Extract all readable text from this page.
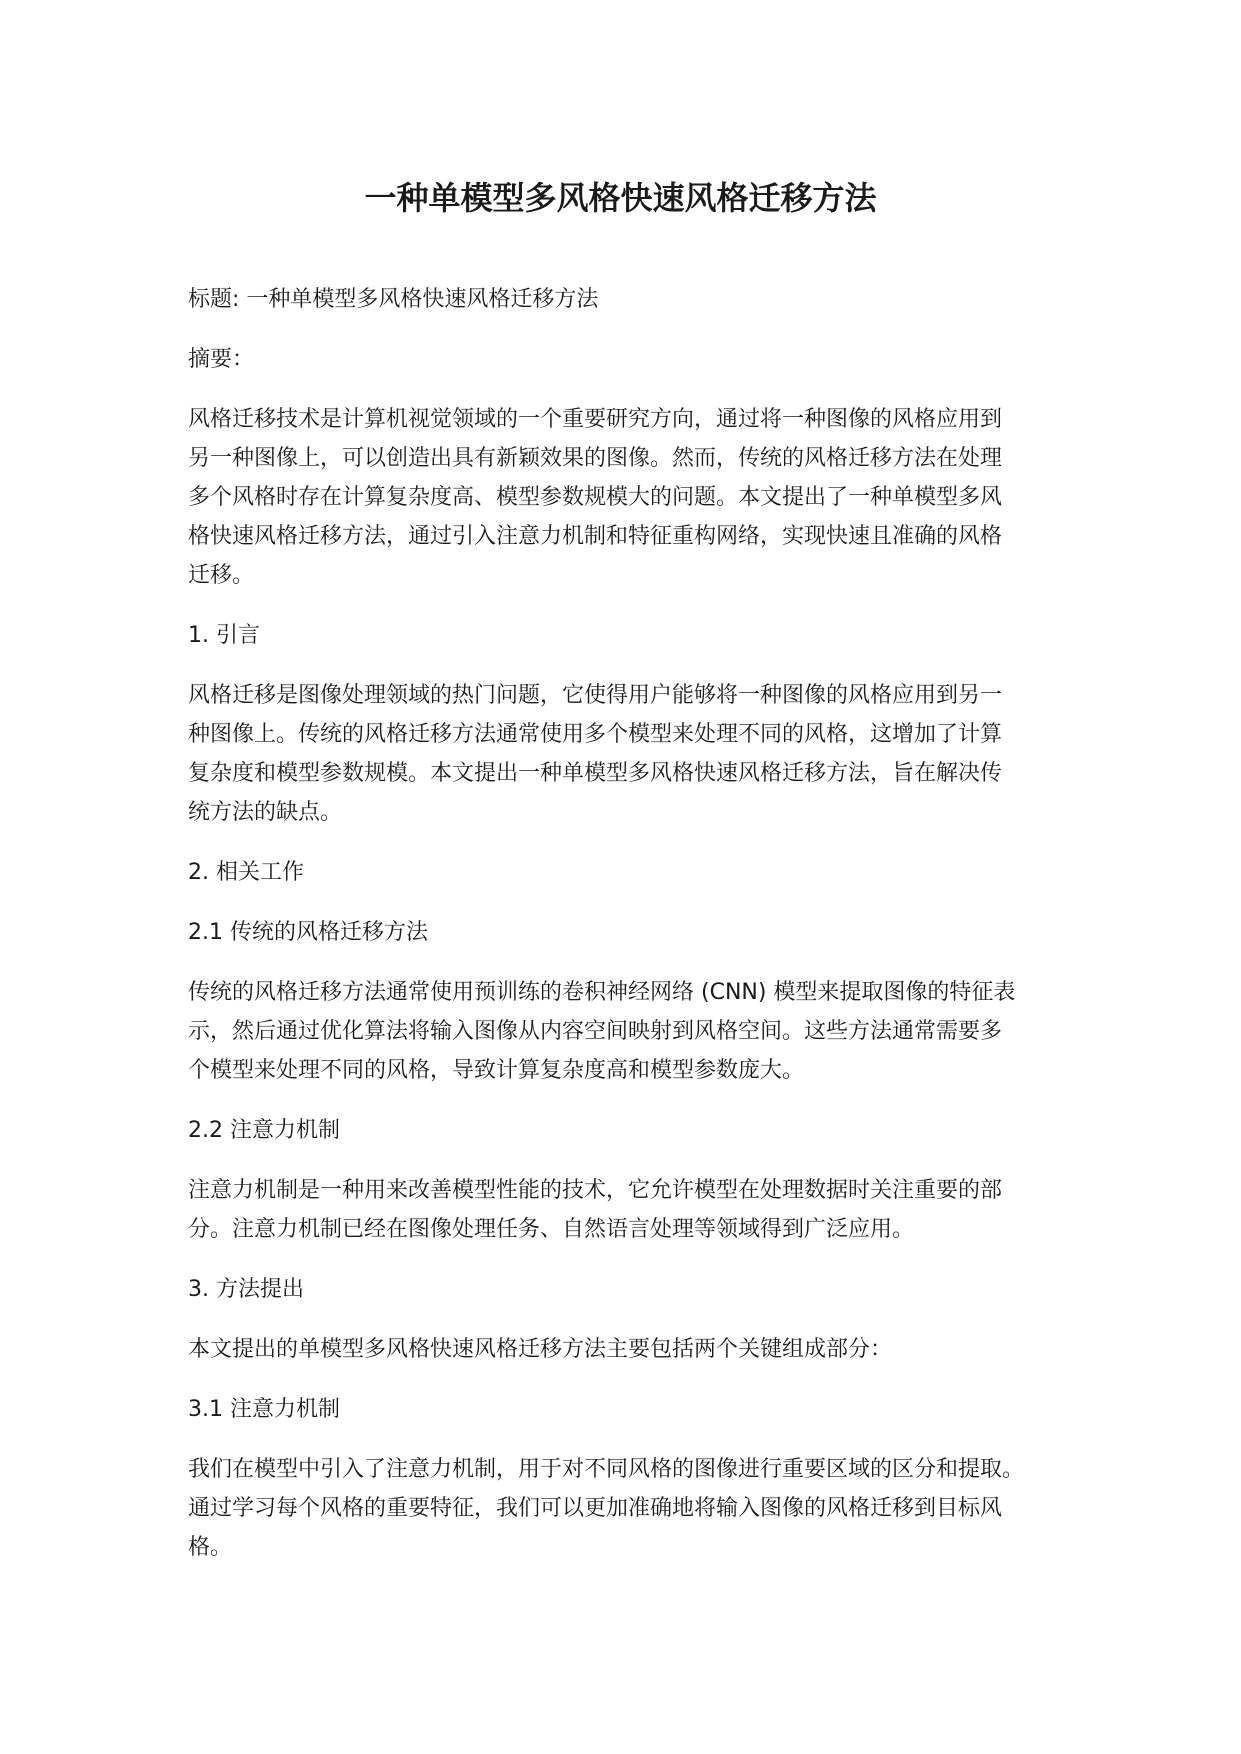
一种单模型多风格快速风格迁移方法

标题: 一种单模型多风格快速风格迁移方法

摘要：

风格迁移技术是计算机视觉领域的一个重要研究方向，通过将一种图像的风格应用到
另一种图像上，可以创造出具有新颖效果的图像。然而，传统的风格迁移方法在处理
多个风格时存在计算复杂度高、模型参数规模大的问题。本文提出了一种单模型多风
格快速风格迁移方法，通过引入注意力机制和特征重构网络，实现快速且准确的风格
迁移。

1. 引言

风格迁移是图像处理领域的热门问题，它使得用户能够将一种图像的风格应用到另一
种图像上。传统的风格迁移方法通常使用多个模型来处理不同的风格，这增加了计算
复杂度和模型参数规模。本文提出一种单模型多风格快速风格迁移方法，旨在解决传
统方法的缺点。

2. 相关工作

2.1 传统的风格迁移方法

传统的风格迁移方法通常使用预训练的卷积神经网络 (CNN) 模型来提取图像的特征表
示，然后通过优化算法将输入图像从内容空间映射到风格空间。这些方法通常需要多
个模型来处理不同的风格，导致计算复杂度高和模型参数庞大。

2.2 注意力机制

注意力机制是一种用来改善模型性能的技术，它允许模型在处理数据时关注重要的部
分。注意力机制已经在图像处理任务、自然语言处理等领域得到广泛应用。

3. 方法提出

本文提出的单模型多风格快速风格迁移方法主要包括两个关键组成部分：

3.1 注意力机制

我们在模型中引入了注意力机制，用于对不同风格的图像进行重要区域的区分和提取。
通过学习每个风格的重要特征，我们可以更加准确地将输入图像的风格迁移到目标风
格。
